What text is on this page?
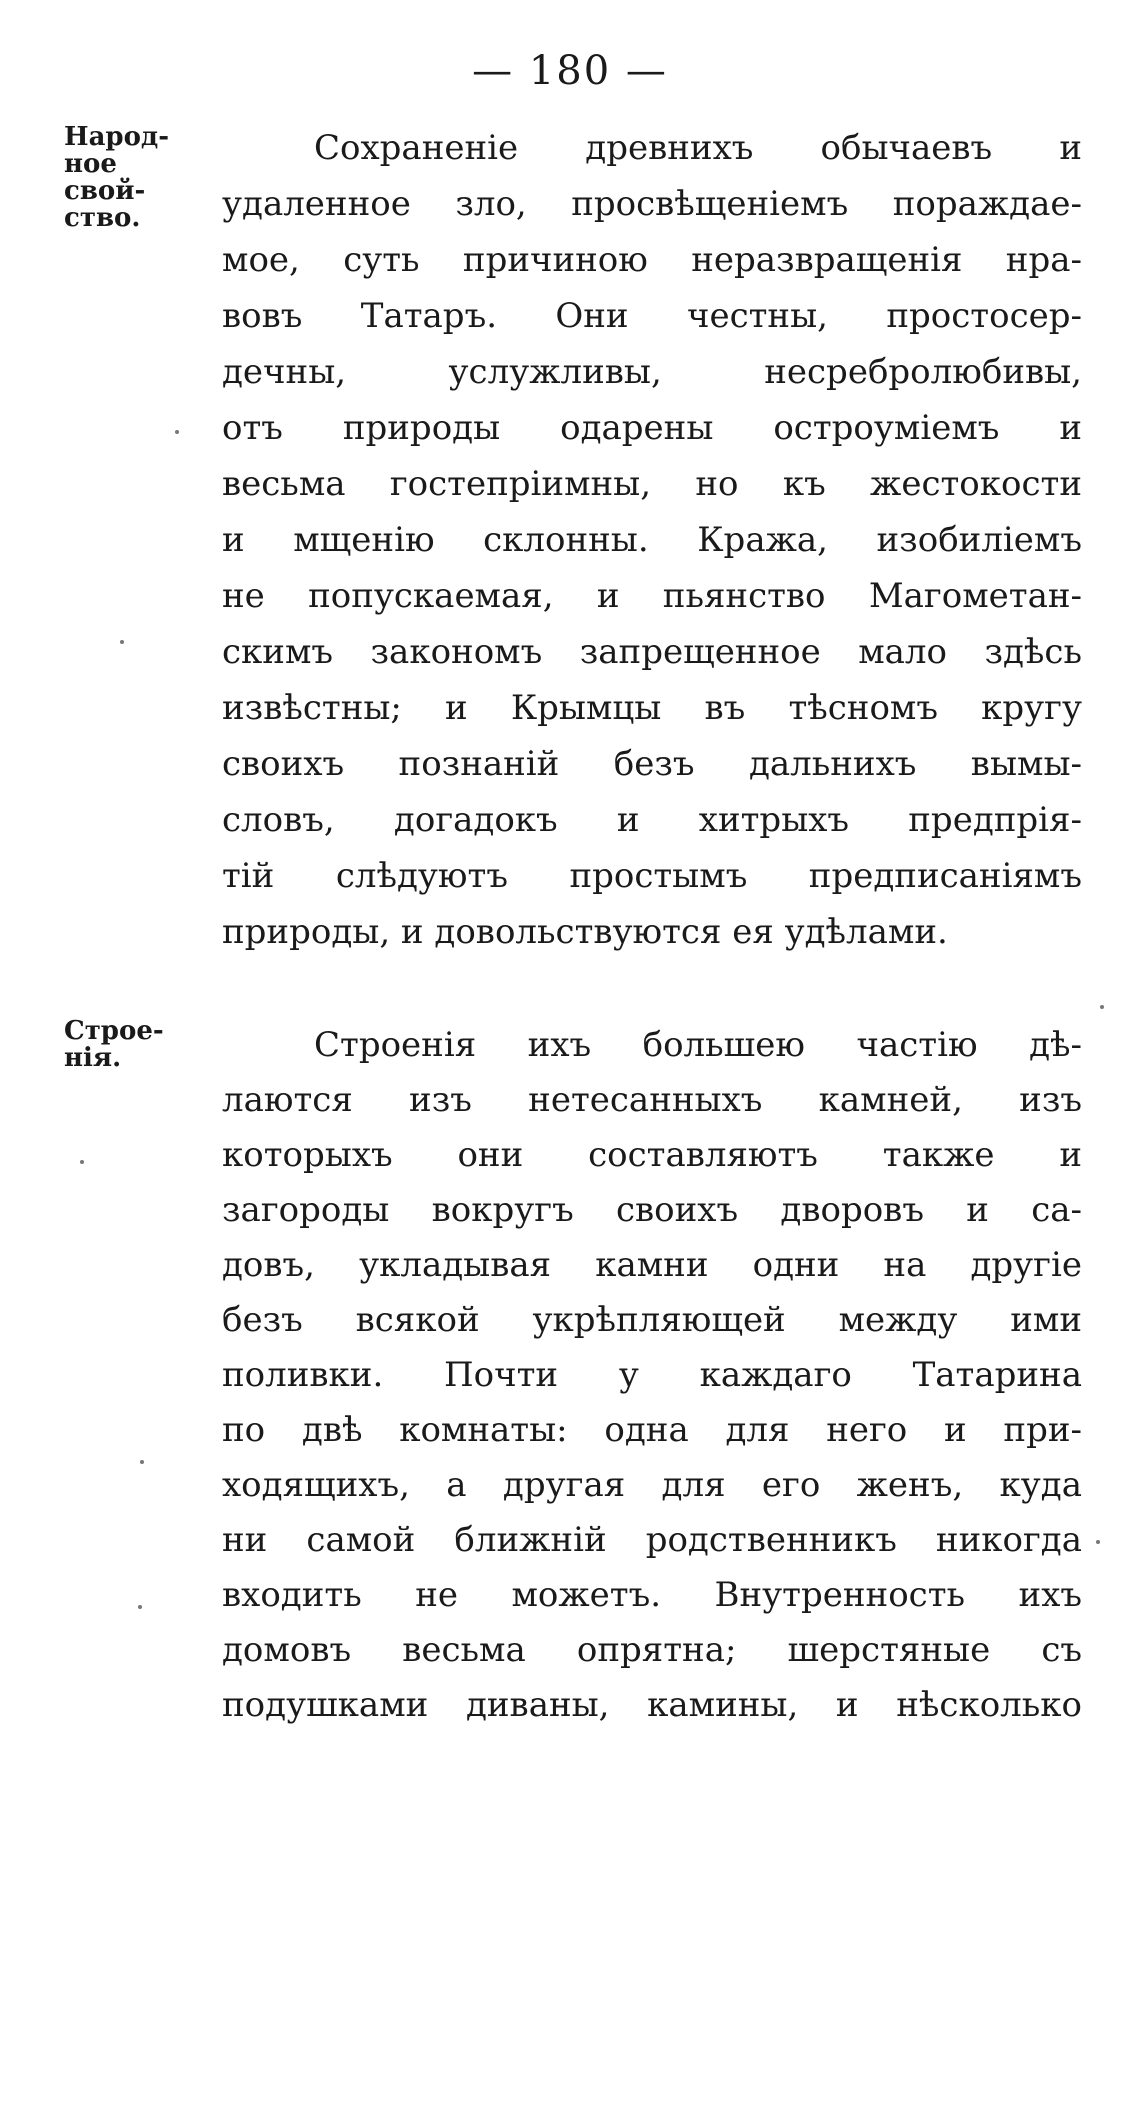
— 180 —
Народ-
ное
свой-
ство.
Сохраненіе древнихъ обычаевъ и
удаленное зло, просвѣщеніемъ пораждае-
мое, суть причиною неразвращенія нра-
вовъ Татаръ. Они честны, простосер-
дечны, услужливы, несребролюбивы,
отъ природы одарены остроуміемъ и
весьма гостепріимны, но къ жестокости
и мщенію склонны. Кража, изобиліемъ
не попускаемая, и пьянство Магометан-
скимъ закономъ запрещенное мало здѣсь
извѣстны; и Крымцы въ тѣсномъ кругу
своихъ познаній безъ дальнихъ вымы-
словъ, догадокъ и хитрыхъ предпрія-
тій слѣдуютъ простымъ предписаніямъ
природы, и довольствуются ея удѣлами.
Строе-
нія.	Строенія ихъ большею частію дѣ-
лаются изъ нетесанныхъ камней, изъ
которыхъ они составляютъ также и
загороды вокругъ своихъ дворовъ и са-
довъ, укладывая камни одни на другіе
безъ всякой укрѣпляющей между ими
поливки. Почти у каждаго Татарина
по двѣ комнаты: одна для него и при-
ходящихъ, а другая для его женъ, куда
ни самой ближній родственникъ никогда
входить не можетъ. Внутренность ихъ
домовъ весьма опрятна; шерстяные съ
подушками диваны, камины, и нѣсколько
